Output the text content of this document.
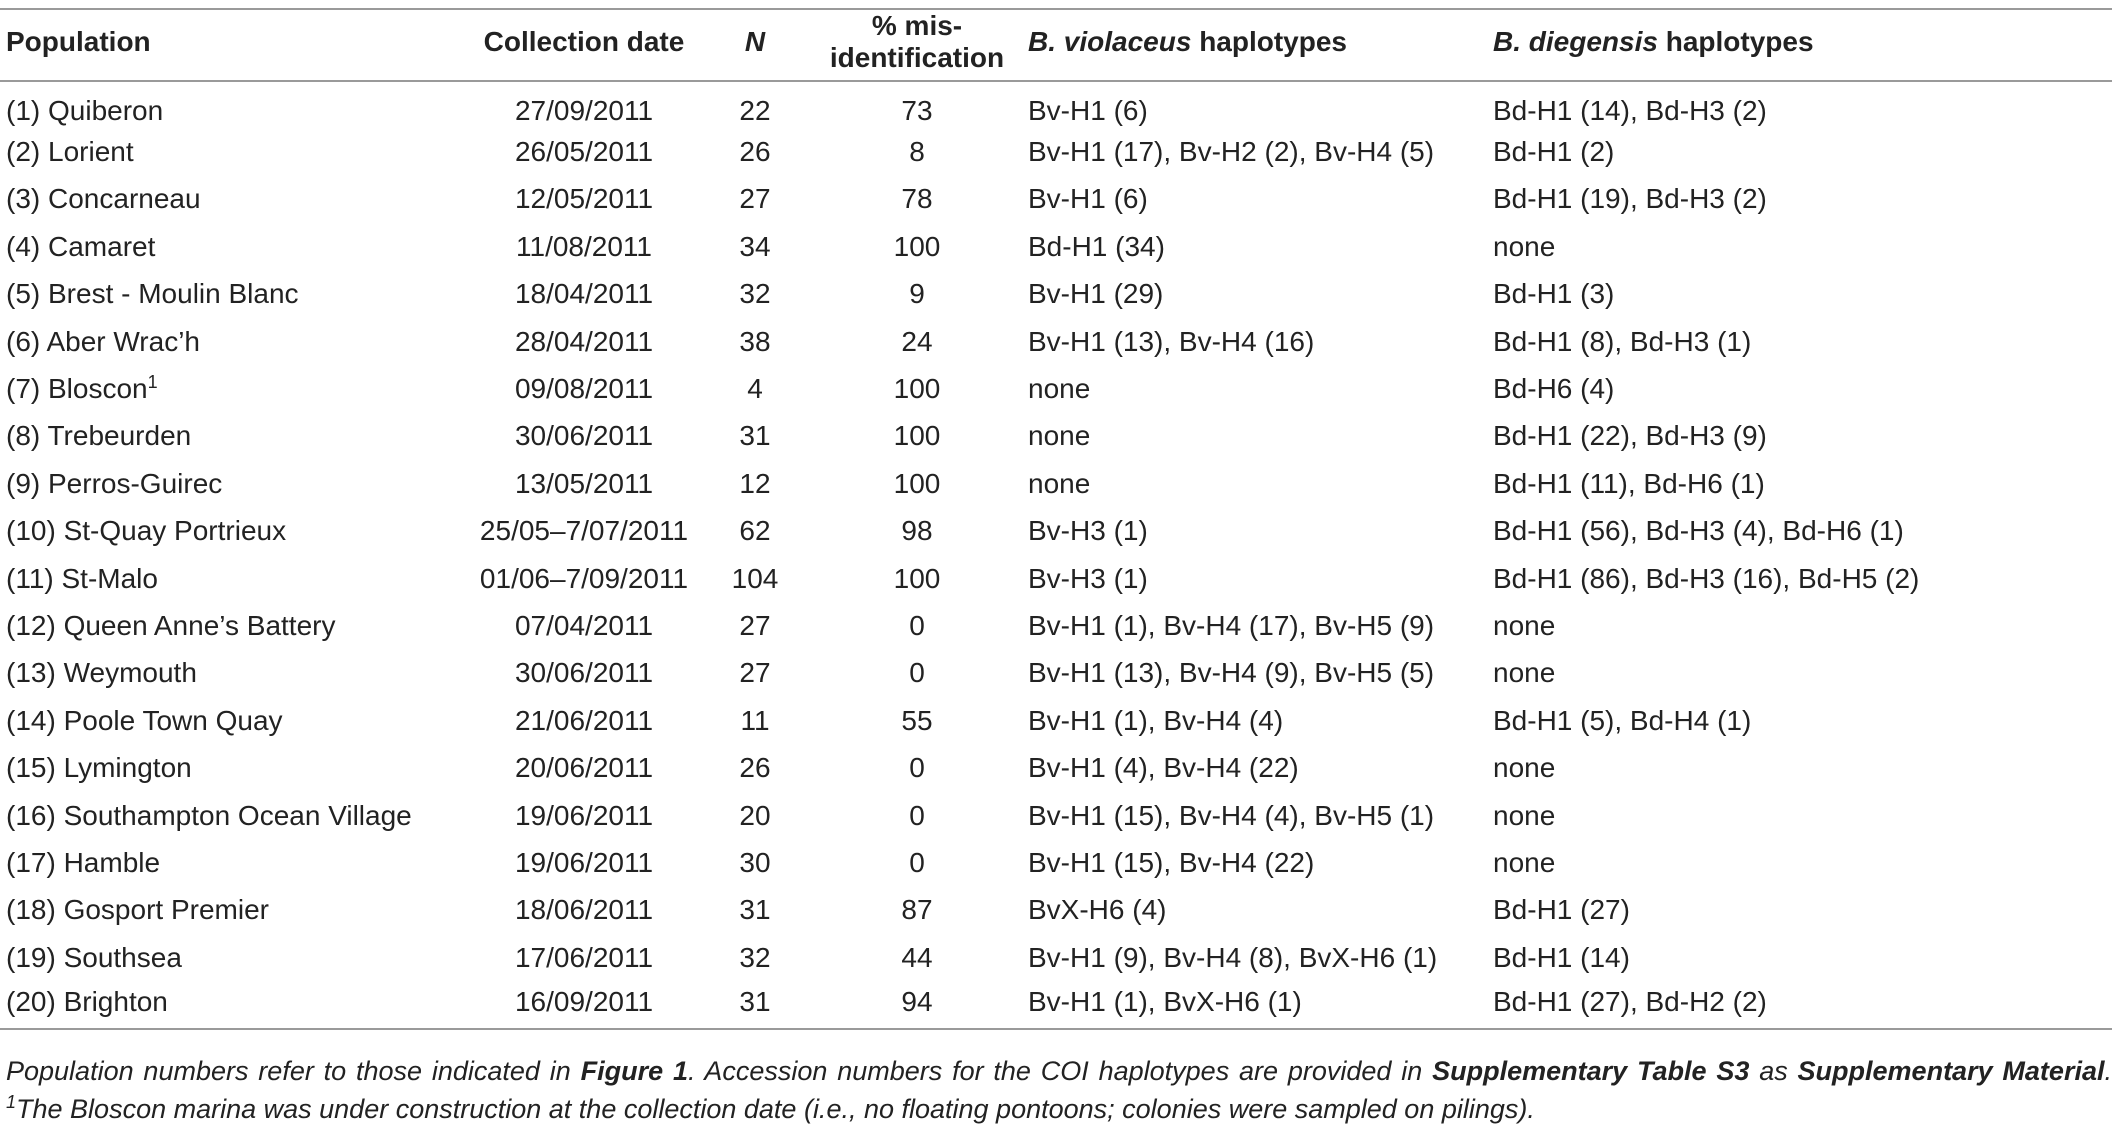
Population	Collection date	N	% mis-identification	B. violaceus haplotypes	B. diegensis haplotypes
(1) Quiberon	27/09/2011	22	73	Bv-H1 (6)	Bd-H1 (14), Bd-H3 (2)
(2) Lorient	26/05/2011	26	8	Bv-H1 (17), Bv-H2 (2), Bv-H4 (5)	Bd-H1 (2)
(3) Concarneau	12/05/2011	27	78	Bv-H1 (6)	Bd-H1 (19), Bd-H3 (2)
(4) Camaret	11/08/2011	34	100	Bd-H1 (34)	none
(5) Brest - Moulin Blanc	18/04/2011	32	9	Bv-H1 (29)	Bd-H1 (3)
(6) Aber Wrac’h	28/04/2011	38	24	Bv-H1 (13), Bv-H4 (16)	Bd-H1 (8), Bd-H3 (1)
(7) Bloscon$^1$	09/08/2011	4	100	none	Bd-H6 (4)
(8) Trebeurden	30/06/2011	31	100	none	Bd-H1 (22), Bd-H3 (9)
(9) Perros-Guirec	13/05/2011	12	100	none	Bd-H1 (11), Bd-H6 (1)
(10) St-Quay Portrieux	25/05–7/07/2011	62	98	Bv-H3 (1)	Bd-H1 (56), Bd-H3 (4), Bd-H6 (1)
(11) St-Malo	01/06–7/09/2011	104	100	Bv-H3 (1)	Bd-H1 (86), Bd-H3 (16), Bd-H5 (2)
(12) Queen Anne’s Battery	07/04/2011	27	0	Bv-H1 (1), Bv-H4 (17), Bv-H5 (9)	none
(13) Weymouth	30/06/2011	27	0	Bv-H1 (13), Bv-H4 (9), Bv-H5 (5)	none
(14) Poole Town Quay	21/06/2011	11	55	Bv-H1 (1), Bv-H4 (4)	Bd-H1 (5), Bd-H4 (1)
(15) Lymington	20/06/2011	26	0	Bv-H1 (4), Bv-H4 (22)	none
(16) Southampton Ocean Village	19/06/2011	20	0	Bv-H1 (15), Bv-H4 (4), Bv-H5 (1)	none
(17) Hamble	19/06/2011	30	0	Bv-H1 (15), Bv-H4 (22)	none
(18) Gosport Premier	18/06/2011	31	87	BvX-H6 (4)	Bd-H1 (27)
(19) Southsea	17/06/2011	32	44	Bv-H1 (9), Bv-H4 (8), BvX-H6 (1)	Bd-H1 (14)
(20) Brighton	16/09/2011	31	94	Bv-H1 (1), BvX-H6 (1)	Bd-H1 (27), Bd-H2 (2)
Population numbers refer to those indicated in Figure 1. Accession numbers for the COI haplotypes are provided in Supplementary Table S3 as Supplementary Material. $^1$The Bloscon marina was under construction at the collection date (i.e., no floating pontoons; colonies were sampled on pilings).
